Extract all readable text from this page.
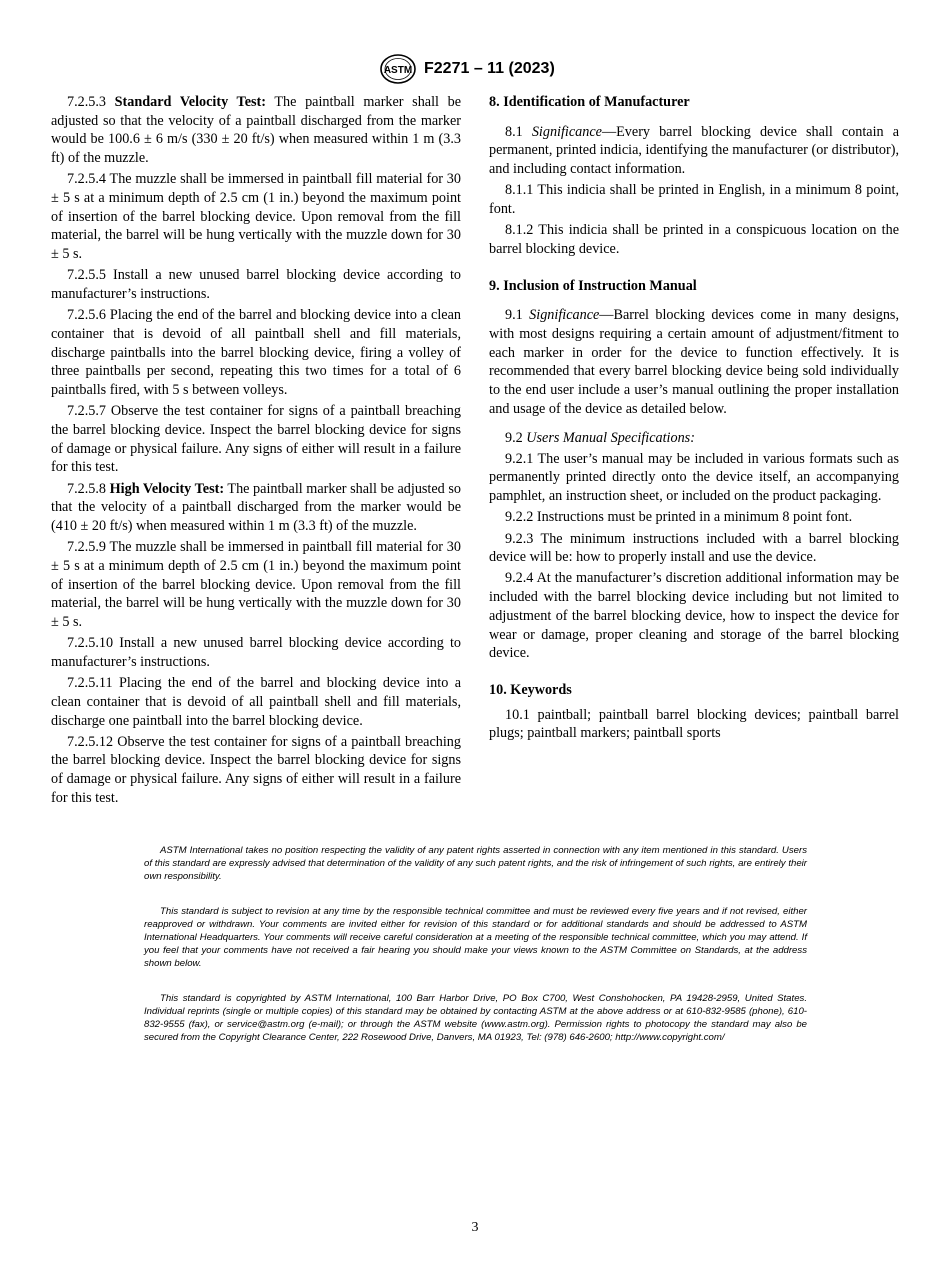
ASTM F2271 – 11 (2023)

7.2.5.3 Standard Velocity Test: The paintball marker shall be adjusted so that the velocity of a paintball discharged from the marker would be 100.6 ± 6 m/s (330 ± 20 ft/s) when measured within 1 m (3.3 ft) of the muzzle.

7.2.5.4 The muzzle shall be immersed in paintball fill material for 30 ± 5 s at a minimum depth of 2.5 cm (1 in.) beyond the maximum point of insertion of the barrel blocking device. Upon removal from the fill material, the barrel will be hung vertically with the muzzle down for 30 ± 5 s.

7.2.5.5 Install a new unused barrel blocking device according to manufacturer’s instructions.

7.2.5.6 Placing the end of the barrel and blocking device into a clean container that is devoid of all paintball shell and fill materials, discharge paintballs into the barrel blocking device, firing a volley of three paintballs per second, repeating this two times for a total of 6 paintballs fired, with 5 s between volleys.

7.2.5.7 Observe the test container for signs of a paintball breaching the barrel blocking device. Inspect the barrel blocking device for signs of damage or physical failure. Any signs of either will result in a failure for this test.

7.2.5.8 High Velocity Test: The paintball marker shall be adjusted so that the velocity of a paintball discharged from the marker would be (410 ± 20 ft/s) when measured within 1 m (3.3 ft) of the muzzle.

7.2.5.9 The muzzle shall be immersed in paintball fill material for 30 ± 5 s at a minimum depth of 2.5 cm (1 in.) beyond the maximum point of insertion of the barrel blocking device. Upon removal from the fill material, the barrel will be hung vertically with the muzzle down for 30 ± 5 s.

7.2.5.10 Install a new unused barrel blocking device according to manufacturer’s instructions.

7.2.5.11 Placing the end of the barrel and blocking device into a clean container that is devoid of all paintball shell and fill materials, discharge one paintball into the barrel blocking device.

7.2.5.12 Observe the test container for signs of a paintball breaching the barrel blocking device. Inspect the barrel blocking device for signs of damage or physical failure. Any signs of either will result in a failure for this test.

8. Identification of Manufacturer

8.1 Significance—Every barrel blocking device shall contain a permanent, printed indicia, identifying the manufacturer (or distributor), and including contact information.

8.1.1 This indicia shall be printed in English, in a minimum 8 point, font.

8.1.2 This indicia shall be printed in a conspicuous location on the barrel blocking device.

9. Inclusion of Instruction Manual

9.1 Significance—Barrel blocking devices come in many designs, with most designs requiring a certain amount of adjustment/fitment to each marker in order for the device to function effectively. It is recommended that every barrel blocking device being sold individually to the end user include a user’s manual outlining the proper installation and usage of the device as detailed below.

9.2 Users Manual Specifications:

9.2.1 The user’s manual may be included in various formats such as permanently printed directly onto the device itself, an accompanying pamphlet, an instruction sheet, or included on the product packaging.

9.2.2 Instructions must be printed in a minimum 8 point font.

9.2.3 The minimum instructions included with a barrel blocking device will be: how to properly install and use the device.

9.2.4 At the manufacturer’s discretion additional information may be included with the barrel blocking device including but not limited to adjustment of the barrel blocking device, how to inspect the device for wear or damage, proper cleaning and storage of the barrel blocking device.

10. Keywords

10.1 paintball; paintball barrel blocking devices; paintball barrel plugs; paintball markers; paintball sports

ASTM International takes no position respecting the validity of any patent rights asserted in connection with any item mentioned in this standard. Users of this standard are expressly advised that determination of the validity of any such patent rights, and the risk of infringement of such rights, are entirely their own responsibility.

This standard is subject to revision at any time by the responsible technical committee and must be reviewed every five years and if not revised, either reapproved or withdrawn. Your comments are invited either for revision of this standard or for additional standards and should be addressed to ASTM International Headquarters. Your comments will receive careful consideration at a meeting of the responsible technical committee, which you may attend. If you feel that your comments have not received a fair hearing you should make your views known to the ASTM Committee on Standards, at the address shown below.

This standard is copyrighted by ASTM International, 100 Barr Harbor Drive, PO Box C700, West Conshohocken, PA 19428-2959, United States. Individual reprints (single or multiple copies) of this standard may be obtained by contacting ASTM at the above address or at 610-832-9585 (phone), 610-832-9555 (fax), or service@astm.org (e-mail); or through the ASTM website (www.astm.org). Permission rights to photocopy the standard may also be secured from the Copyright Clearance Center, 222 Rosewood Drive, Danvers, MA 01923, Tel: (978) 646-2600; http://www.copyright.com/

3
